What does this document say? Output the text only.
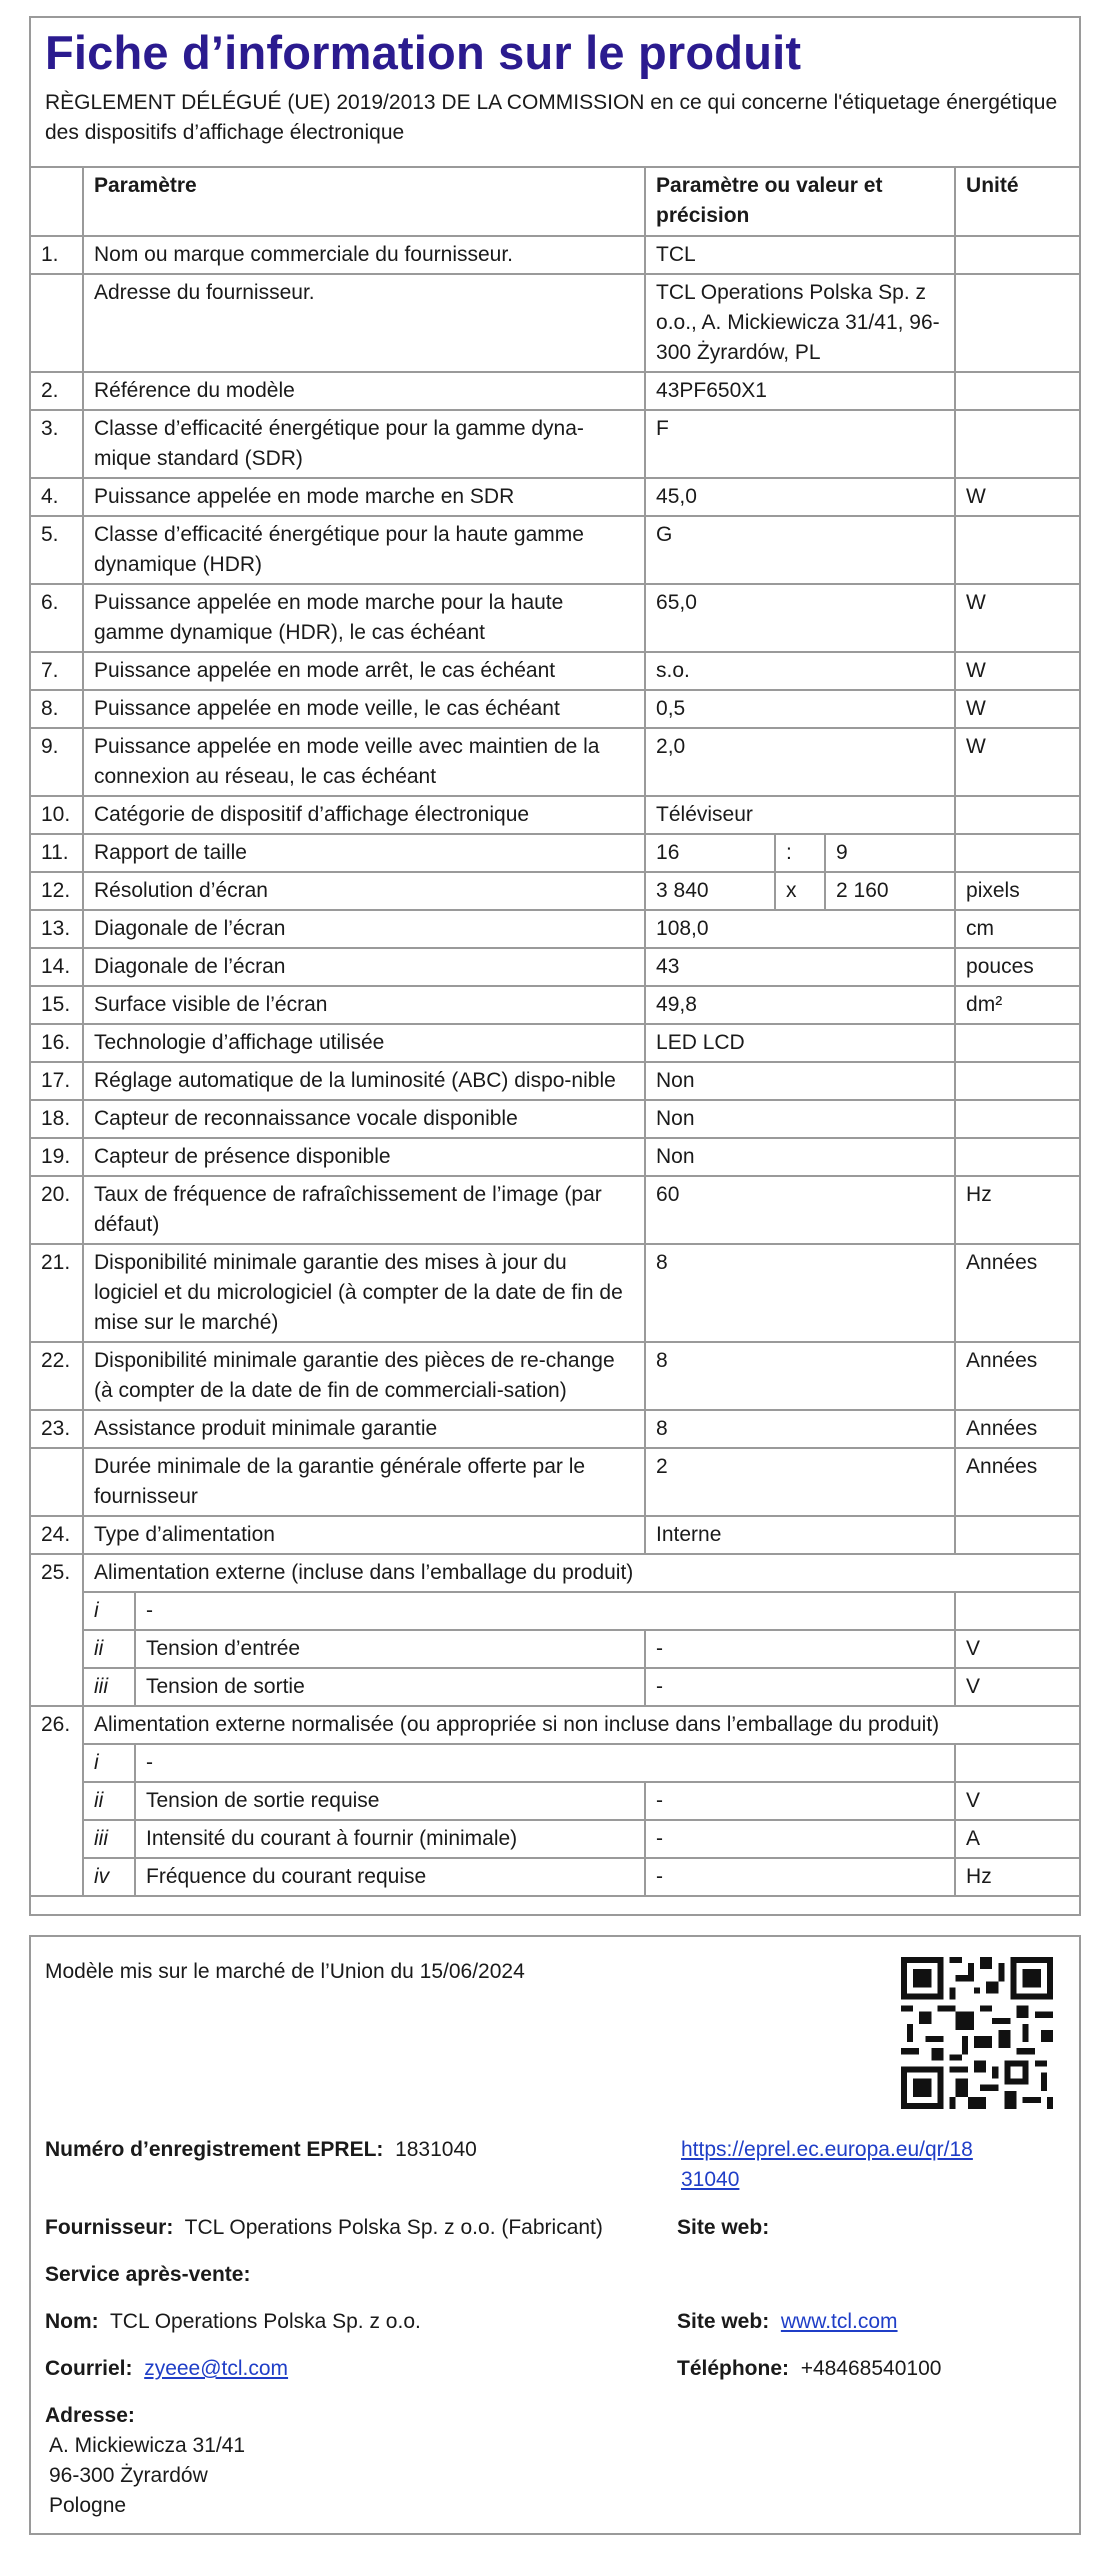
Fiche d’information sur le produit
RÈGLEMENT DÉLÉGUÉ (UE) 2019/2013 DE LA COMMISSION en ce qui concerne l'étiquetage énergétique des dispositifs d’affichage électronique
	Paramètre		Paramètre ou valeur et précision			Unité
1.	Nom ou marque commerciale du fournisseur.		TCL			
	Adresse du fournisseur.		TCL Operations Polska Sp. z o.o., A. Mickiewicza 31/41, 96-300 Żyrardów, PL			
2.	Référence du modèle		43PF650X1			
3.	Classe d’efficacité énergétique pour la gamme dyna-mique standard (SDR)		F			
4.	Puissance appelée en mode marche en SDR		45,0			W
5.	Classe d’efficacité énergétique pour la haute gamme dynamique (HDR)		G			
6.	Puissance appelée en mode marche pour la haute gamme dynamique (HDR), le cas échéant		65,0			W
7.	Puissance appelée en mode arrêt, le cas échéant		s.o.			W
8.	Puissance appelée en mode veille, le cas échéant		0,5			W
9.	Puissance appelée en mode veille avec maintien de la connexion au réseau, le cas échéant		2,0			W
10.	Catégorie de dispositif d’affichage électronique		Téléviseur			
11.	Rapport de taille		16	:	9	
12.	Résolution d’écran		3 840	x	2 160	pixels
13.	Diagonale de l’écran		108,0			cm
14.	Diagonale de l’écran		43			pouces
15.	Surface visible de l’écran		49,8			dm²
16.	Technologie d’affichage utilisée		LED LCD			
17.	Réglage automatique de la luminosité (ABC) dispo-nible		Non			
18.	Capteur de reconnaissance vocale disponible		Non			
19.	Capteur de présence disponible		Non			
20.	Taux de fréquence de rafraîchissement de l’image (par défaut)		60			Hz
21.	Disponibilité minimale garantie des mises à jour du logiciel et du micrologiciel (à compter de la date de fin de mise sur le marché)		8			Années
22.	Disponibilité minimale garantie des pièces de re-change (à compter de la date de fin de commerciali-sation)		8			Années
23.	Assistance produit minimale garantie		8			Années
	Durée minimale de la garantie générale offerte par le fournisseur		2			Années
24.	Type d’alimentation		Interne			
25.	Alimentation externe (incluse dans l’emballage du produit)					
	i	-				
	ii	Tension d’entrée	-			V
	iii	Tension de sortie	-			V
26.	Alimentation externe normalisée (ou appropriée si non incluse dans l’emballage du produit)					
	i	-				
	ii	Tension de sortie requise	-			V
	iii	Intensité du courant à fournir (minimale)	-			A
	iv	Fréquence du courant requise	-			Hz
Modèle mis sur le marché de l’Union du 15/06/2024
Numéro d’enregistrement EPREL: 1831040	https://eprel.ec.europa.eu/qr/18
31040
Fournisseur: TCL Operations Polska Sp. z o.o. (Fabricant)	Site web:
Service après-vente:
Nom: TCL Operations Polska Sp. z o.o.	Site web: www.tcl.com
Courriel: zyeee@tcl.com	Téléphone: +48468540100
Adresse:
A. Mickiewicza 31/41
96-300 Żyrardów
Pologne
